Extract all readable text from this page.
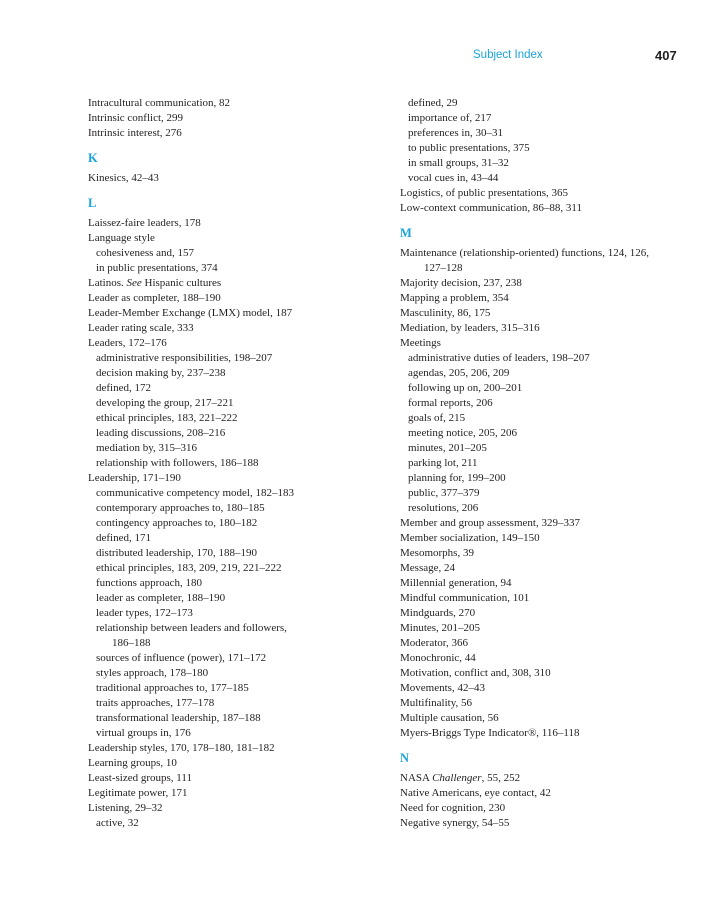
Subject Index	407
Intracultural communication, 82
Intrinsic conflict, 299
Intrinsic interest, 276
K
Kinesics, 42–43
L
Laissez-faire leaders, 178
Language style
cohesiveness and, 157
in public presentations, 374
Latinos. See Hispanic cultures
Leader as completer, 188–190
Leader-Member Exchange (LMX) model, 187
Leader rating scale, 333
Leaders, 172–176
administrative responsibilities, 198–207
decision making by, 237–238
defined, 172
developing the group, 217–221
ethical principles, 183, 221–222
leading discussions, 208–216
mediation by, 315–316
relationship with followers, 186–188
Leadership, 171–190
communicative competency model, 182–183
contemporary approaches to, 180–185
contingency approaches to, 180–182
defined, 171
distributed leadership, 170, 188–190
ethical principles, 183, 209, 219, 221–222
functions approach, 180
leader as completer, 188–190
leader types, 172–173
relationship between leaders and followers,
186–188
sources of influence (power), 171–172
styles approach, 178–180
traditional approaches to, 177–185
traits approaches, 177–178
transformational leadership, 187–188
virtual groups in, 176
Leadership styles, 170, 178–180, 181–182
Learning groups, 10
Least-sized groups, 111
Legitimate power, 171
Listening, 29–32
active, 32
defined, 29
importance of, 217
preferences in, 30–31
to public presentations, 375
in small groups, 31–32
vocal cues in, 43–44
Logistics, of public presentations, 365
Low-context communication, 86–88, 311
M
Maintenance (relationship-oriented) functions, 124, 126,
127–128
Majority decision, 237, 238
Mapping a problem, 354
Masculinity, 86, 175
Mediation, by leaders, 315–316
Meetings
administrative duties of leaders, 198–207
agendas, 205, 206, 209
following up on, 200–201
formal reports, 206
goals of, 215
meeting notice, 205, 206
minutes, 201–205
parking lot, 211
planning for, 199–200
public, 377–379
resolutions, 206
Member and group assessment, 329–337
Member socialization, 149–150
Mesomorphs, 39
Message, 24
Millennial generation, 94
Mindful communication, 101
Mindguards, 270
Minutes, 201–205
Moderator, 366
Monochronic, 44
Motivation, conflict and, 308, 310
Movements, 42–43
Multifinality, 56
Multiple causation, 56
Myers-Briggs Type Indicator®, 116–118
N
NASA Challenger, 55, 252
Native Americans, eye contact, 42
Need for cognition, 230
Negative synergy, 54–55
